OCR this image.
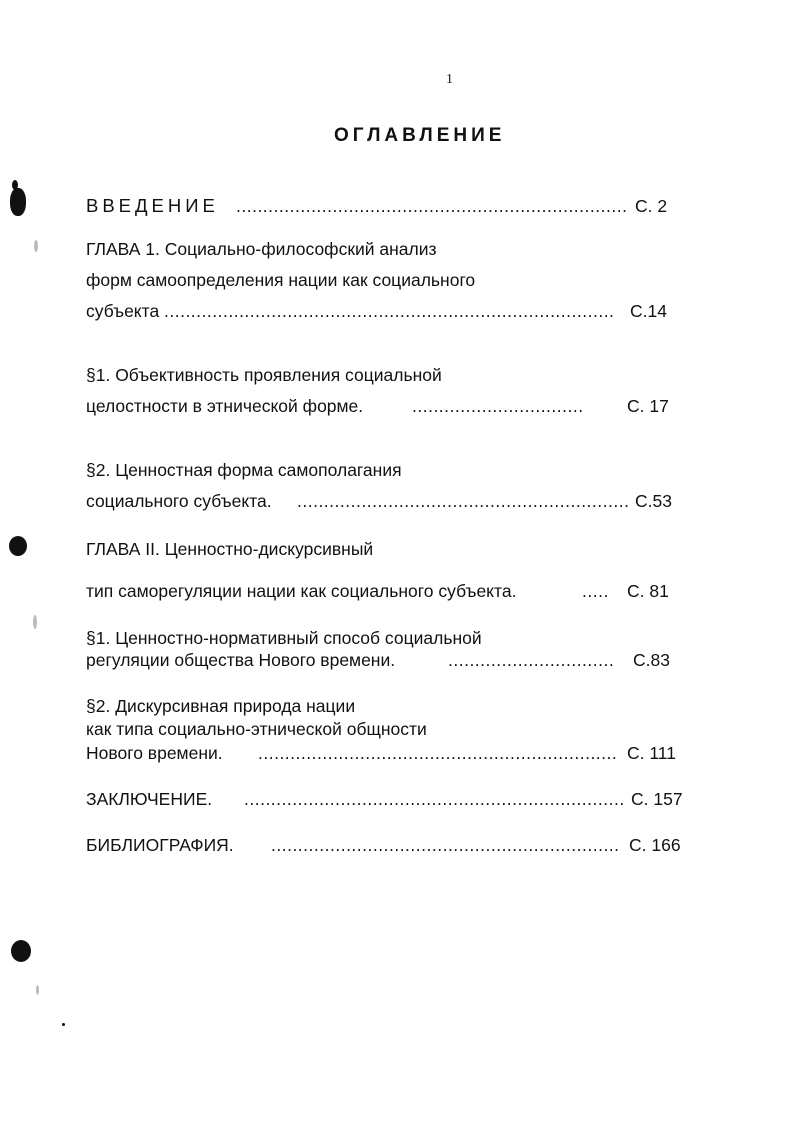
1
ОГЛАВЛЕНИЕ
ВВЕДЕНИЕ ......................................................................... С. 2
ГЛАВА 1. Социально-философский анализ
форм самоопределения нации как социального
субъекта .................................................................................... С.14
§1. Объективность проявления социальной
целостности в этнической форме.	................................ С. 17
§2. Ценностная форма самополагания
социального субъекта. .............................................................. С.53
ГЛАВА II. Ценностно-дискурсивный
тип саморегуляции нации как социального субъекта.	..... С. 81
§1. Ценностно-нормативный способ социальной
регуляции общества Нового времени.	............................... С.83
§2. Дискурсивная природа нации
как типа социально-этнической общности
Нового времени. ................................................................... С. 111
ЗАКЛЮЧЕНИЕ. ....................................................................... С. 157
БИБЛИОГРАФИЯ. ................................................................. С. 166
